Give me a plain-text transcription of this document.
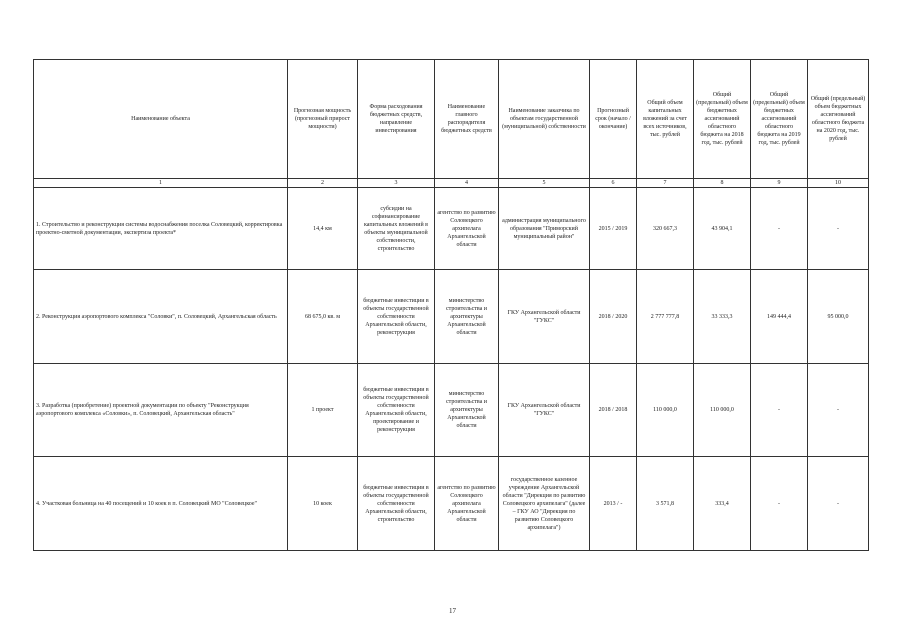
Наименование объекта	Прогнозная мощность (прогнозный прирост мощности)	Форма расходования бюджетных средств, направление инвестирования	Наименование главного распорядителя бюджетных средств	Наименование заказчика по объектам государственной (муниципальной) собственности	Прогнозный срок (начало / окончание)	Общий объем капитальных вложений за счет всех источников, тыс. рублей	Общий (предельный) объем бюджетных ассигнований областного бюджета на 2018 год, тыс. рублей	Общий (предельный) объем бюджетных ассигнований областного бюджета на 2019 год, тыс. рублей	Общий (предельный) объем бюджетных ассигнований областного бюджета на 2020 год, тыс. рублей
1	2	3	4	5	6	7	8	9	10
1. Строительство и реконструкция системы водоснабжения поселка Соловецкий, корректировка проектно-сметной документации, экспертиза проекта*	14,4 км	субсидии на софинансирование капитальных вложений в объекты муниципальной собственности, строительство	агентство по развитию Соловецкого архипелага Архангельской области	администрация муниципального образования "Приморский муниципальный район"	2015 / 2019	320 667,3	43 904,1	-	-
2. Реконструкция аэропортового комплекса "Соловки", п. Соловецкий, Архангельская область	68 675,0 кв. м	бюджетные инвестиции в объекты государственной собственности Архангельской области, реконструкция	министерство строительства и архитектуры Архангельской области	ГКУ Архангельской области "ГУКС"	2018 / 2020	2 777 777,8	33 333,3	149 444,4	95 000,0
3. Разработка (приобретение) проектной документации по объекту "Реконструкция аэропортового комплекса «Соловки», п. Соловецкий, Архангельская область"	1 проект	бюджетные инвестиции в объекты государственной собственности Архангельской области, проектирование и реконструкция	министерство строительства и архитектуры Архангельской области	ГКУ Архангельской области "ГУКС"	2018 / 2018	110 000,0	110 000,0	-	-
4. Участковая больница на 40 посещений и 10 коек в п. Соловецкий МО "Соловецкое"	10 коек	бюджетные инвестиции в объекты государственной собственности Архангельской области, строительство	агентство по развитию Соловецкого архипелага Архангельской области	государственное казенное учреждение Архангельской области "Дирекция по развитию Соловецкого архипелага" (далее – ГКУ АО "Дирекция по развитию Соловецкого архипелага")	2013 / -	3 571,8	333,4	-	-
17
